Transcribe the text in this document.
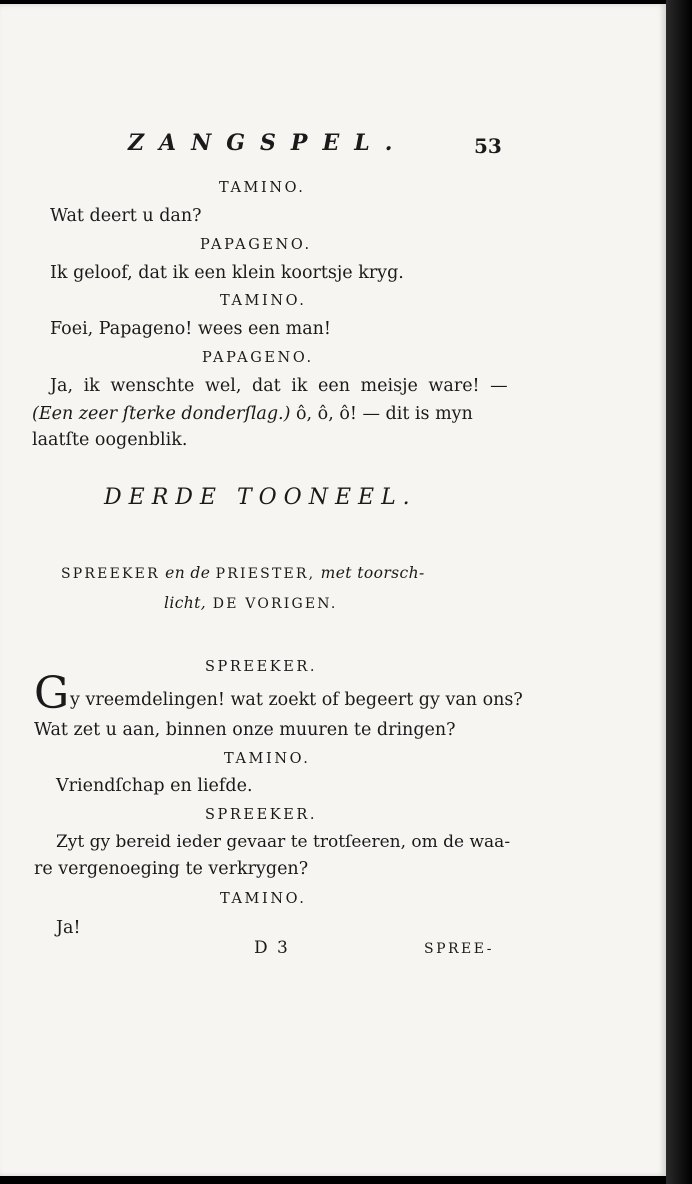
ZANGSPEL.	53
TAMINO.
Wat deert u dan?
PAPAGENO.
Ik geloof, dat ik een klein koortsje kryg.
TAMINO.
Foei, Papageno! wees een man!
PAPAGENO.
Ja, ik wenschte wel, dat ik een meisje ware! —
(Een zeer ſterke donderſlag.) ô, ô, ô! — dit is myn
laatſte oogenblik.
DERDE TOONEEL.
SPREEKER en de PRIESTER, met toorsch-
licht, DE VORIGEN.
SPREEKER.
G y vreemdelingen! wat zoekt of begeert gy van ons?
Wat zet u aan, binnen onze muuren te dringen?
TAMINO.
Vriendſchap en liefde.
SPREEKER.
Zyt gy bereid ieder gevaar te trotſeeren, om de waa-
re vergenoeging te verkrygen?
TAMINO.
Ja!
D 3	SPREE-
